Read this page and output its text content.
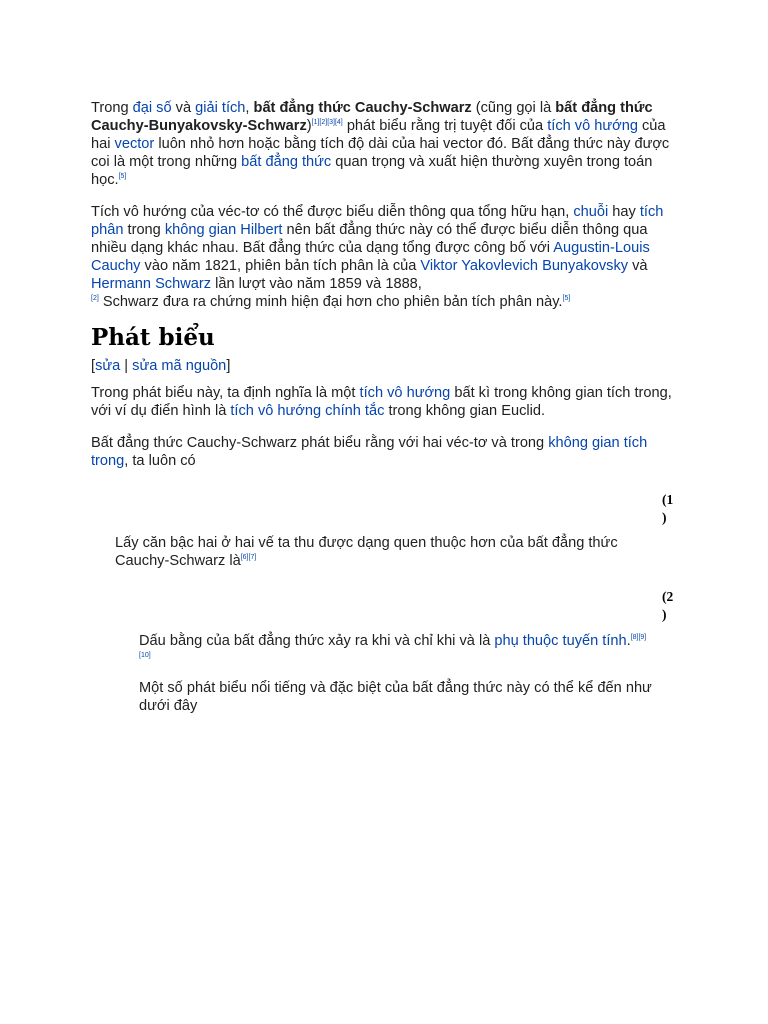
Trong đại số và giải tích, bất đẳng thức Cauchy-Schwarz (cũng gọi là bất đẳng thức Cauchy-Bunyakovsky-Schwarz)[1][2][3][4] phát biểu rằng trị tuyệt đối của tích vô hướng của hai vector luôn nhỏ hơn hoặc bằng tích độ dài của hai vector đó. Bất đẳng thức này được coi là một trong những bất đẳng thức quan trọng và xuất hiện thường xuyên trong toán học.[5]

Tích vô hướng của véc-tơ có thể được biểu diễn thông qua tổng hữu hạn, chuỗi hay tích phân trong không gian Hilbert nên bất đẳng thức này có thể được biểu diễn thông qua nhiều dạng khác nhau. Bất đẳng thức của dạng tổng được công bố với Augustin-Louis Cauchy vào năm 1821, phiên bản tích phân là của Viktor Yakovlevich Bunyakovsky và Hermann Schwarz lần lượt vào năm 1859 và 1888,
[2] Schwarz đưa ra chứng minh hiện đại hơn cho phiên bản tích phân này.[5]

Phát biểu
[sửa | sửa mã nguồn]

Trong phát biểu này, ta định nghĩa là một tích vô hướng bất kì trong không gian tích trong, với ví dụ điển hình là tích vô hướng chính tắc trong không gian Euclid.

Bất đẳng thức Cauchy-Schwarz phát biểu rằng với hai véc-tơ và trong không gian tích trong, ta luôn có

(1
)

Lấy căn bậc hai ở hai vế ta thu được dạng quen thuộc hơn của bất đẳng thức Cauchy-Schwarz là[6][7]

(2
)

Dấu bằng của bất đẳng thức xảy ra khi và chỉ khi và là phụ thuộc tuyến tính.[8][9]
[10]

Một số phát biểu nổi tiếng và đặc biệt của bất đẳng thức này có thể kể đến như dưới đây
